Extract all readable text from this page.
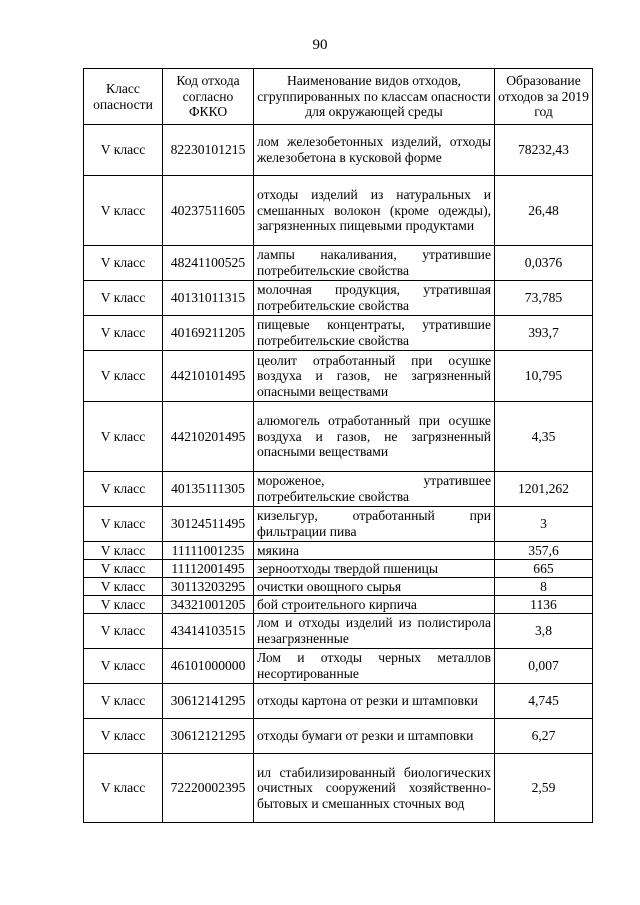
90
Класс опасности	Код отхода согласно ФККО	Наименование видов отходов, сгруппированных по классам опасности для окружающей среды	Образование отходов за 2019 год
V класс	82230101215	лом железобетонных изделий, отходы железобетона в кусковой форме	78232,43
V класс	40237511605	отходы изделий из натуральных и смешанных волокон (кроме одежды), загрязненных пищевыми продуктами	26,48
V класс	48241100525	лампы накаливания, утратившие потребительские свойства	0,0376
V класс	40131011315	молочная продукция, утратившая потребительские свойства	73,785
V класс	40169211205	пищевые концентраты, утратившие потребительские свойства	393,7
V класс	44210101495	цеолит отработанный при осушке воздуха и газов, не загрязненный опасными веществами	10,795
V класс	44210201495	алюмогель отработанный при осушке воздуха и газов, не загрязненный опасными веществами	4,35
V класс	40135111305	мороженое, утратившее потребительские свойства	1201,262
V класс	30124511495	кизельгур, отработанный при фильтрации пива	3
V класс	11111001235	мякина	357,6
V класс	11112001495	зерноотходы твердой пшеницы	665
V класс	30113203295	очистки овощного сырья	8
V класс	34321001205	бой строительного кирпича	1136
V класс	43414103515	лом и отходы изделий из полистирола незагрязненные	3,8
V класс	46101000000	Лом и отходы черных металлов несортированные	0,007
V класс	30612141295	отходы картона от резки и штамповки	4,745
V класс	30612121295	отходы бумаги от резки и штамповки	6,27
V класс	72220002395	ил стабилизированный биологических очистных сооружений хозяйственно-бытовых и смешанных сточных вод	2,59
